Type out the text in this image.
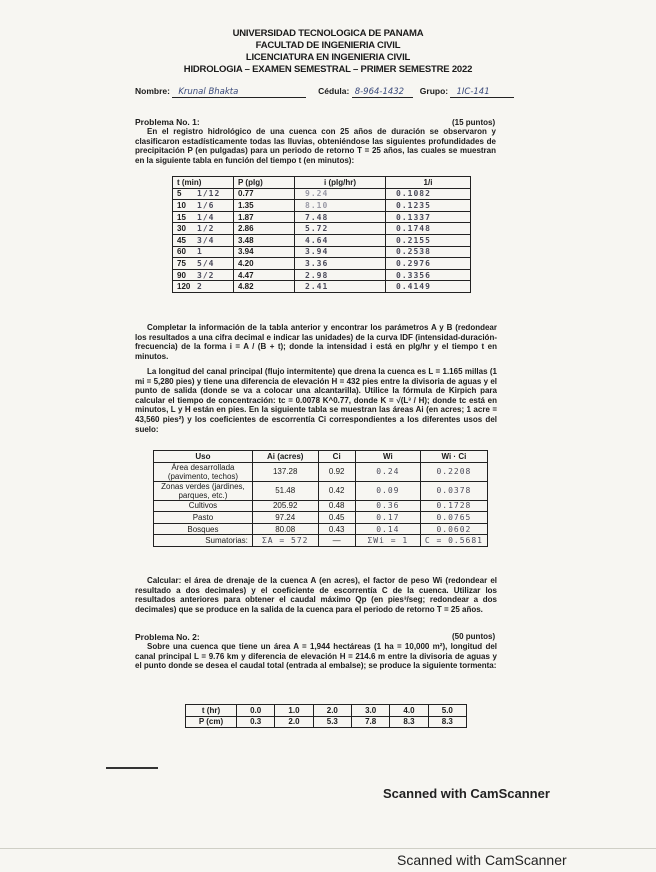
UNIVERSIDAD TECNOLOGICA DE PANAMA
FACULTAD DE INGENIERIA CIVIL
LICENCIATURA EN INGENIERIA CIVIL
HIDROLOGIA – EXAMEN SEMESTRAL – PRIMER SEMESTRE 2022
Nombre: Krunal Bhakta	Cédula: 8-964-1432 Grupo: 1IC-141
Problema No. 1:	(15 puntos)
En el registro hidrológico de una cuenca con 25 años de duración se observaron y clasificaron estadísticamente todas las lluvias, obteniéndose las siguientes profundidades de precipitación P (en pulgadas) para un periodo de retorno T = 25 años, las cuales se muestran en la siguiente tabla en función del tiempo t (en minutos):
t (min)	P (plg)	i (plg/hr)	1/i
5 1/12	0.77	9.24	0.1082
10 1/6	1.35	8.10	0.1235
15 1/4	1.87	7.48	0.1337
30 1/2	2.86	5.72	0.1748
45 3/4	3.48	4.64	0.2155
60 1	3.94	3.94	0.2538
75 5/4	4.20	3.36	0.2976
90 3/2	4.47	2.98	0.3356
120 2	4.82	2.41	0.4149
Completar la información de la tabla anterior y encontrar los parámetros A y B (redondear los resultados a una cifra decimal e indicar las unidades) de la curva IDF (intensidad-duración-frecuencia) de la forma i = A / (B + t); donde la intensidad i está en plg/hr y el tiempo t en minutos.
La longitud del canal principal (flujo intermitente) que drena la cuenca es L = 1.165 millas (1 mi = 5,280 pies) y tiene una diferencia de elevación H = 432 pies entre la divisoria de aguas y el punto de salida (donde se va a colocar una alcantarilla). Utilice la fórmula de Kirpich para calcular el tiempo de concentración: tc = 0.0078 K^0.77, donde K = √(L³ / H); donde tc está en minutos, L y H están en pies. En la siguiente tabla se muestran las áreas Ai (en acres; 1 acre = 43,560 pies²) y los coeficientes de escorrentía Ci correspondientes a los diferentes usos del suelo:
Uso	Ai (acres)	Ci	Wi	Wi · Ci
Área desarrollada (pavimento, techos)	137.28	0.92	0.24	0.2208
Zonas verdes (jardines, parques, etc.)	51.48	0.42	0.09	0.0378
Cultivos	205.92	0.48	0.36	0.1728
Pasto	97.24	0.45	0.17	0.0765
Bosques	80.08	0.43	0.14	0.0602
Sumatorias:	ΣA = 572	—	ΣWi = 1	C = 0.5681
Calcular: el área de drenaje de la cuenca A (en acres), el factor de peso Wi (redondear el resultado a dos decimales) y el coeficiente de escorrentía C de la cuenca. Utilizar los resultados anteriores para obtener el caudal máximo Qp (en pies³/seg; redondear a dos decimales) que se produce en la salida de la cuenca para el periodo de retorno T = 25 años.
Problema No. 2:	(50 puntos)
Sobre una cuenca que tiene un área A = 1,944 hectáreas (1 ha = 10,000 m²), longitud del canal principal L = 9.76 km y diferencia de elevación H = 214.6 m entre la divisoria de aguas y el punto donde se desea el caudal total (entrada al embalse); se produce la siguiente tormenta:
t (hr)	0.0	1.0	2.0	3.0	4.0	5.0
P (cm)	0.3	2.0	5.3	7.8	8.3	8.3
Scanned with CamScanner
Scanned with CamScanner
